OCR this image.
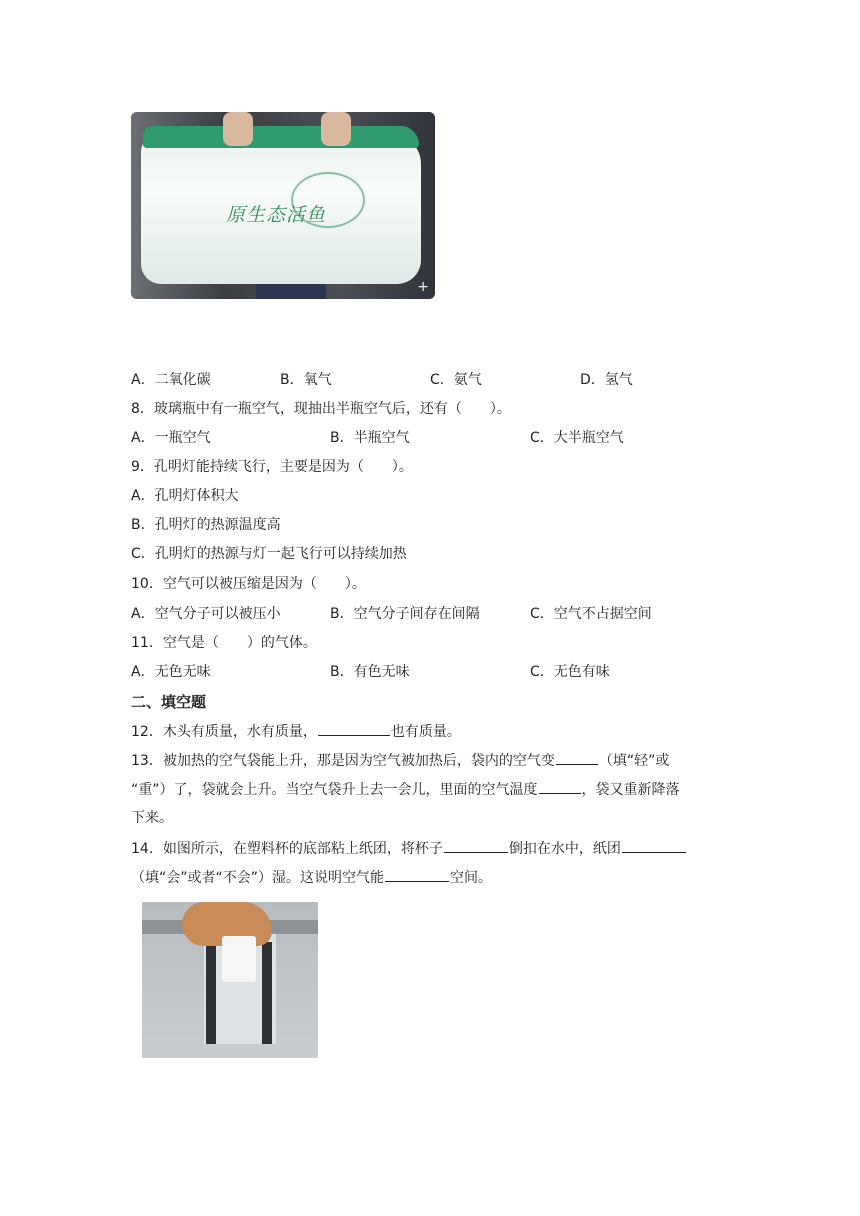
原生态活鱼
+
A．二氧化碳	B．氧气	C．氨气	D．氢气
8．玻璃瓶中有一瓶空气，现抽出半瓶空气后，还有（　　）。
A．一瓶空气	B．半瓶空气	C．大半瓶空气
9．孔明灯能持续飞行，主要是因为（　　）。
A．孔明灯体积大
B．孔明灯的热源温度高
C．孔明灯的热源与灯一起飞行可以持续加热
10．空气可以被压缩是因为（　　）。
A．空气分子可以被压小	B．空气分子间存在间隔	C．空气不占据空间
11．空气是（　　）的气体。
A．无色无味	B．有色无味	C．无色有味
二、填空题
12．木头有质量，水有质量，	也有质量。
13．被加热的空气袋能上升，那是因为空气被加热后，袋内的空气变	（填“轻”或
“重”）了，袋就会上升。当空气袋升上去一会儿，里面的空气温度	，袋又重新降落
下来。
14．如图所示，在塑料杯的底部粘上纸团，将杯子	倒扣在水中，纸团
（填“会”或者“不会”）湿。这说明空气能	空间。
